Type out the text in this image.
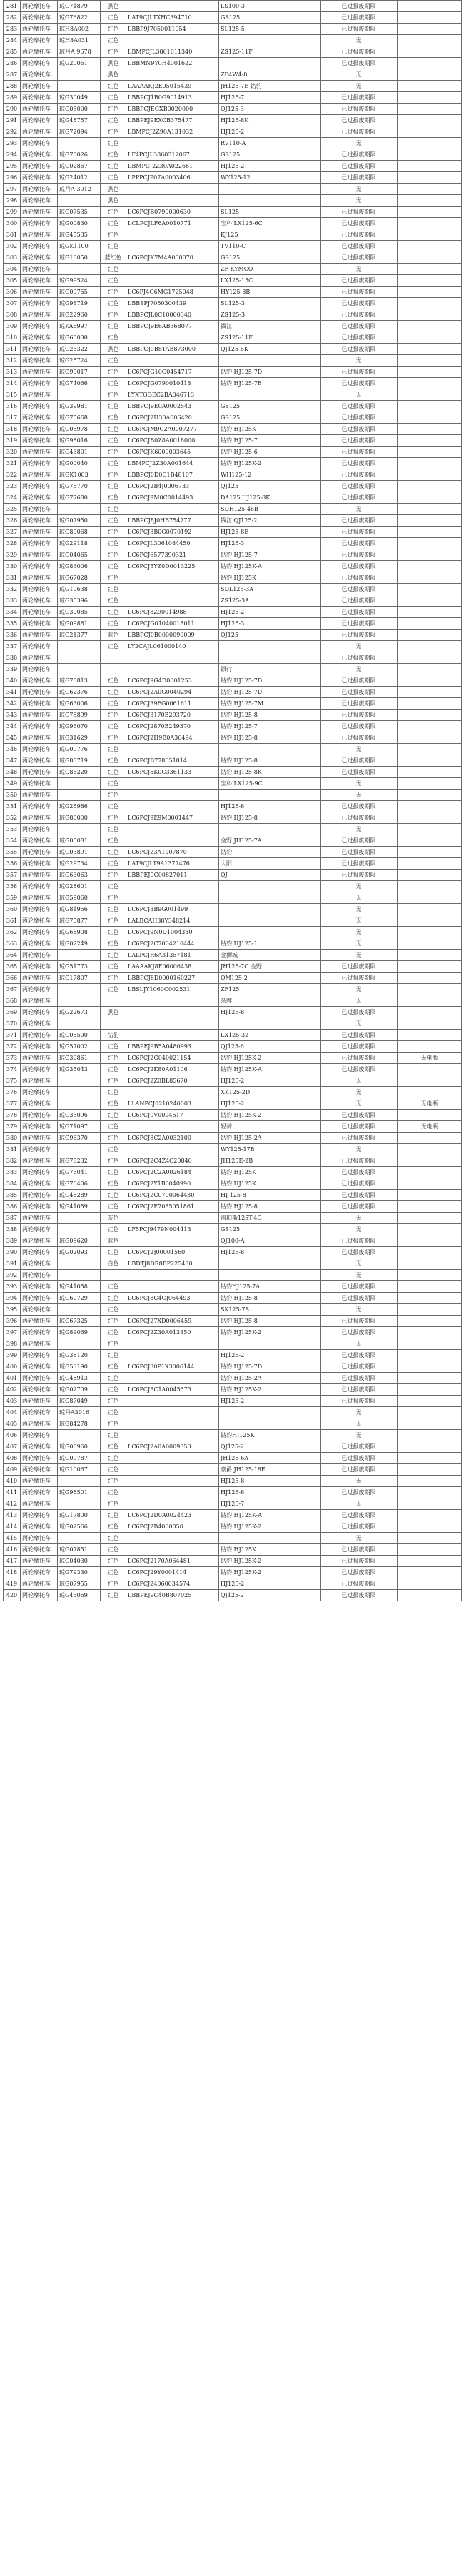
281	两轮摩托车	琼G71879	黑色		LS100-3	已过报废期限	
282	两轮摩托车	琼G76822	红色	LAT9CJLTXHC394710	GS125	已过报废期限	
283	两轮摩托车	琼H8A002	红色	LBBP9J7050011054	SL125-5	已过报废期限	
284	两轮摩托车	琼H8A031	红色			无	
285	两轮摩托车	琼丹A 9678	红色	LBMPCJL3861011340	ZS125-11F	已过报废期限	
286	两轮摩托车	琼G20061	黑色	LBBMN9Y0H4001622		已过报废期限	
287	两轮摩托车		黑色		ZF4W4-8	无	
288	两轮摩托车		红色	LAAAAKJ2E05015439	JH125-7E 钻豹	无	
289	两轮摩托车	琼G30049	红色	LBBPCJ1B0G9014913	HJ125-7	已过报废期限	
290	两轮摩托车	琼G05000	红色	LBBPCJEGXB0020000	QJ125-3	已过报废期限	
291	两轮摩托车	琼G48757	红色	LBBPEJ9EXCB375477	HJ125-8K	已过报废期限	
292	两轮摩托车	琼G72094	红色	LBMPCJ2Z90A131032	HJ125-2	已过报废期限	
293	两轮摩托车		红色		RV110-A	无	
294	两轮摩托车	琼G70026	红色	LF4PCJL3860312067	GS125	已过报废期限	
295	两轮摩托车	琼G02867	红色	LBMPCJ2Z30A022661	HJ125-2	已过报废期限	
296	两轮摩托车	琼G24012	红色	LPPPCJP07A0003406	WY125-12	已过报废期限	
297	两轮摩托车	琼丹A 3012	黑色			无	
298	两轮摩托车		黑色			无	
299	两轮摩托车	琼G07535	红色	LC6PCJB0790000630	SL125	已过报废期限	
300	两轮摩托车	琼G00830	红色	LCLPCJLF6A0010771	宝科 LX125-6C	已过报废期限	
301	两轮摩托车	琼G45535	红色		KJ125	已过报废期限	
302	两轮摩托车	琼GK1100	红色		TV110-C	已过报废期限	
303	两轮摩托车	琼G16050	蓝红色	LC6PCJK7M4A000070	GS125	已过报废期限	
304	两轮摩托车		红色		ZF-KYMCO	无	
305	两轮摩托车	琼G99524	红色		LX125-15C	已过报废期限	
306	两轮摩托车	琼G00755	红色	LC6PJ4G6MG1725048	HY125-8B	已过报废期限	
307	两轮摩托车	琼G98719	红色	LBBSPJ7050300439	SL125-3	已过报废期限	
308	两轮摩托车	琼G22960	红色	LBBPCJL0C10000340	ZS125-3	已过报废期限	
309	两轮摩托车	琼KA6997	红色	LBBPCJ9E6AB368077	钱江	已过报废期限	
310	两轮摩托车	琼G60030	红色		ZS125-11F	已过报废期限	
311	两轮摩托车	琼G25322	黑色	LBBPCJ9B8TAB873000	QJ125-6K	已过报废期限	
312	两轮摩托车	琼G25724	红色			无	
313	两轮摩托车	琼G99017	红色	LC6PCJG10G0454717	钻豹 HJ125-7D	已过报废期限	
314	两轮摩托车	琼G74066	红色	LC6PCJG0790010418	钻豹 HJ125-7E	已过报废期限	
315	两轮摩托车		红色	LYXTGGEC2BA046713		无	
316	两轮摩托车	琼G39981	红色	LBBPCJ9E0A0002543	GS125	已过报废期限	
317	两轮摩托车	琼G75668	红色	LC6PCJ2H30A006420	GS125	已过报废期限	
318	两轮摩托车	琼G05978	红色	LC6PCJM0C2A0007277	钻豹 HJ125K	已过报废期限	
319	两轮摩托车	琼G98016	红色	LC6PCJB0Z8A0018000	钻豹 HJ125-7	已过报废期限	
320	两轮摩托车	琼G43801	红色	LC6PCJK6000003645	钻豹 HJ125-6	已过报废期限	
321	两轮摩托车	琼G00040	红色	LBMPCJ2Z30A001644	钻豹 HJ125K-2	已过报废期限	
322	两轮摩托车	琼GK1003	红色	LBBPCJ0D0C1B48107	WH125-12	已过报废期限	
323	两轮摩托车	琼G75770	红色	LC6PCJ2B4J0006733	QJ125	已过报废期限	
324	两轮摩托车	琼G77680	红色	LC6PCJ9M0C0014493	DA125 HJ125-8K	已过报废期限	
325	两轮摩托车		红色		SDH125-46B	无	
326	两轮摩托车	琼G07950	红色	LBBPCJ8J0HB754777	钱江 QJ125-2	已过报废期限	
327	两轮摩托车	琼G89068	红色	LC6PCJ3B0G0070192	HJ125-8E	已过报废期限	
328	两轮摩托车	琼G29118	红色	LC6PCJL3061084450	HJ125-3	已过报废期限	
329	两轮摩托车	琼G04065	红色	LC6PCJ6577390321	钻豹 HJ125-7	已过报废期限	
330	两轮摩托车	琼G83006	红色	LC6PCJ5YZ0D0013225	钻豹 HJ125K-A	已过报废期限	
331	两轮摩托车	琼G67028	红色		钻豹 HJ125K	已过报废期限	
332	两轮摩托车	琼G10638	红色		SDL125-3A	已过报废期限	
333	两轮摩托车	琼G35396	红色		ZS125-3A	已过报废期限	
334	两轮摩托车	琼G30085	红色	LC6PCJ8Z90014988	HJ125-2	已过报废期限	
335	两轮摩托车	琼G09881	红色	LC6PCJG01040018011	HJ125-3	已过报废期限	
336	两轮摩托车	琼G21377	蓝色	LBBPCJ0B0000090009	QJ125	已过报废期限	
337	两轮摩托车		红色	LY2CAJL061000140		无	
338	两轮摩托车					已过报废期限	
339	两轮摩托车				银行	无	
340	两轮摩托车	琼G78813	红色	LC6PCJ9G4D0001253	钻豹 HJ125-7D	已过报废期限	
341	两轮摩托车	琼G62376	红色	LC6PCJ2A0G0040294	钻豹 HJ125-7D	已过报废期限	
342	两轮摩托车	琼G63006	红色	LC6PCJ39FG0061611	钻豹 HJ125-7M	已过报废期限	
343	两轮摩托车	琼G78899	红色	LC6PCJ3170B293720	钻豹 HJ125-8	已过报废期限	
344	两轮摩托车	琼G96070	红色	LC6PCJ2870B249370	钻豹 HJ125-7	已过报废期限	
345	两轮摩托车	琼G31629	红色	LC6PCJ2H9B0A36494	钻豹 HJ125-8	已过报废期限	
346	两轮摩托车	琼G00776	红色			无	
347	两轮摩托车	琼G88719	红色	LC6PCJB778651814	钻豹 HJ125-8	已过报废期限	
348	两轮摩托车	琼G86220	红色	LC6PCJ5K0C3361133	钻豹 HJ125-8K	已过报废期限	
349	两轮摩托车		红色		宝科 LX125-9C	无	
350	两轮摩托车		红色			无	
351	两轮摩托车	琼G25986	红色		HJ125-8	已过报废期限	
352	两轮摩托车	琼G80000	红色	LC6PCJ9E9M0001447	钻豹 HJ125-8	已过报废期限	
353	两轮摩托车		红色			无	
354	两轮摩托车	琼G05081	红色		金野 JH125-7A	已过报废期限	
355	两轮摩托车	琼G03891	红色	LC6PCJ23A1007870	钻豹	已过报废期限	
356	两轮摩托车	琼G29734	红色	LAT9CJLT9A1377476	大阳	已过报废期限	
357	两轮摩托车	琼G63063	红色	LBBPEJ9C00827011	QJ	已过报废期限	
358	两轮摩托车	琼G28601	红色			无	
359	两轮摩托车	琼G59060	红色			无	
360	两轮摩托车	琼G81956	红色	LC6PCJ3B9G001499		无	
361	两轮摩托车	琼G75877	红色	LALBCAH38Y348214		无	
362	两轮摩托车	琼G68908	红色	LC6PCJ9N0D1004330		无	
363	两轮摩托车	琼G02249	红色	LC6PCJ2C7004210444	钻豹 HJ125-1	无	
364	两轮摩托车		红色	LALPCJR6A31357181	金狮城	无	
365	两轮摩托车	琼G51773	红色	LAAAAKJ8E06006438	JH125-7C 金野	已过报废期限	
366	两轮摩托车	琼G17807	红色	LBBPCJ8D0000160227	QM125-2	已过报废期限	
367	两轮摩托车		红色	LBSLJY1060C002531	ZF125	无	
368	两轮摩托车				杂牌	无	
369	两轮摩托车	琼G22673	黑色		HJ125-8	已过报废期限	
370	两轮摩托车					无	
371	两轮摩托车	琼G05500	钻豹		LX125-32	已过报废期限	
372	两轮摩托车	琼G57002	红色	LBBPEJ9B5A0480993	QJ125-6	已过报废期限	
373	两轮摩托车	琼G30861	红色	LC6PCJ2G040021154	钻豹 HJ125K-2	已过报废期限	无电瓶
374	两轮摩托车	琼G35043	红色	LC6PCJ2K80A01106	钻豹 HJ125K-A	已过报废期限	
375	两轮摩托车		红色	LC6PCJ2Z0BL85670	HJ125-2	无	
376	两轮摩托车		红色		XK125-2D	无	
377	两轮摩托车		红色	LLANPCJ0210240003	HJ125-2	无	无电瓶
378	两轮摩托车	琼G35096	红色	LC6PCJ0V0004617	钻豹 HJ125K-2	已过报废期限	
379	两轮摩托车	琼G71097	红色		轻骑	已过报废期限	无电瓶
380	两轮摩托车	琼G96370	红色	LC6PCJ8C2A0032100	钻豹 HJ125-2A	已过报废期限	
381	两轮摩托车		红色		WY125-17B	无	
382	两轮摩托车	琼G78232	红色	LC6PCJ2C4Z4C20840	JH125E-2B	已过报废期限	
383	两轮摩托车	琼G76041	红色	LC6PCJ2C2A0026184	钻豹 HJ125K	已过报废期限	
384	两轮摩托车	琼G70406	红色	LC6PCJ2Y1B0040990	钻豹 HJ125K	已过报废期限	
385	两轮摩托车	琼G45289	红色	LC6PCJ2C0700064430	HJ 125-8	已过报废期限	
386	两轮摩托车	琼G41059	红色	LC6PCJ2E7085051861	钻豹 HJ125-8	已过报废期限	
387	两轮摩托车		灰色		南珀斯125T-4G	无	
388	两轮摩托车		红色	LF5PCJ9479N004413	GS125	无	
389	两轮摩托车	琼G09620	蓝色		QJ100-A	已过报废期限	
390	两轮摩托车	琼G02093	红色	LC6PCJ2J00001560	HJ125-8	已过报废期限	
391	两轮摩托车		白色	LBDTJ8DR8BP225430		无	
392	两轮摩托车					无	
393	两轮摩托车	琼G41058	红色		钻豹HJ125-7A	已过报废期限	
394	两轮摩托车	琼G60729	红色	LC6PCJ8C4CJ064493	钻豹 HJ125-8	已过报废期限	
395	两轮摩托车		红色		SK125-7S	无	
396	两轮摩托车	琼G67325	红色	LC6PCJ27XD0006459	钻豹 HJ125-8	已过报废期限	
397	两轮摩托车	琼G89069	红色	LC6PCJ2Z30A013350	钻豹 HJ125K-2	已过报废期限	
398	两轮摩托车		红色			无	
399	两轮摩托车	琼G38120	红色		HJ125-2	已过报废期限	
400	两轮摩托车	琼G53190	红色	LC6PCJ30P1X3006144	钻豹 HJ125-7D	已过报废期限	
401	两轮摩托车	琼G48913	红色		钻豹 HJ125-2A	已过报废期限	
402	两轮摩托车	琼G02709	红色	LC6PCJ8C1A0045573	钻豹 HJ125K-2	已过报废期限	
403	两轮摩托车	琼G87049	红色		HJ125-2	已过报废期限	
404	两轮摩托车	琼丹A3016	红色			无	
405	两轮摩托车	琼G84278	红色			无	
406	两轮摩托车		红色		钻豹HJ125K	无	
407	两轮摩托车	琼G06960	红色	LC6PCJ2A0A0009350	QJ125-2	已过报废期限	
408	两轮摩托车	琼G09787	红色		JH125-6A	已过报废期限	
409	两轮摩托车	琼G10067	红色		豪爵 JH125-18E	已过报废期限	
410	两轮摩托车		红色		HJ125-8	无	
411	两轮摩托车	琼G98501	红色		HJ125-8	已过报废期限	
412	两轮摩托车		红色		HJ125-7	无	
413	两轮摩托车	琼G17800	红色	LC6PCJ2D0A0024423	钻豹 HJ125K-A	已过报废期限	
414	两轮摩托车	琼G02566	红色	LC6PCJ2B4000050	钻豹 HJ125K-2	已过报废期限	
415	两轮摩托车		红色			无	
416	两轮摩托车	琼G07851	红色		钻豹 HJ125K	已过报废期限	
417	两轮摩托车	琼G04030	红色	LC6PCJ2170A064481	钻豹 HJ125K-2	已过报废期限	
418	两轮摩托车	琼G79330	红色	LC6PCJ29Y0001414	钻豹 HJ125K-2	已过报废期限	
419	两轮摩托车	琼G07955	红色	LC6PCJ24060034574	HJ125-2	已过报废期限	
420	两轮摩托车	琼G45069	红色	LBBPEJ9C40B807025	QJ125-2	已过报废期限	
